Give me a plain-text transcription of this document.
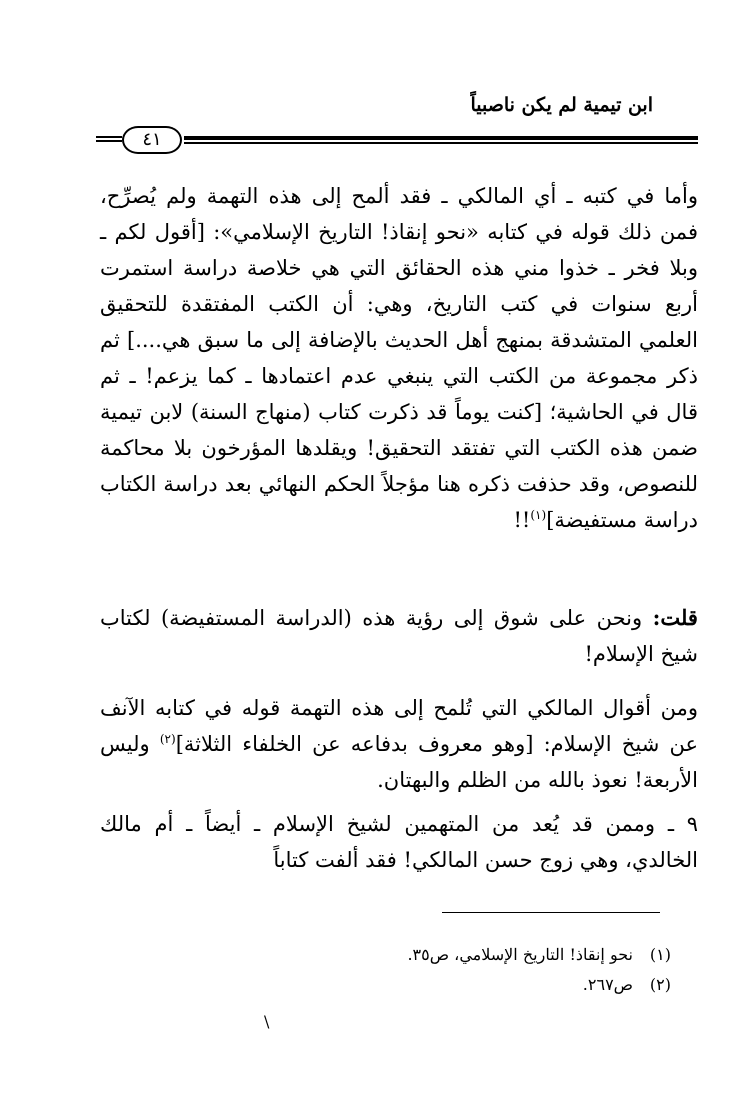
ابن تيمية لم يكن ناصبياً
٤١
وأما في كتبه ـ أي المالكي ـ فقد ألمح إلى هذه التهمة ولم يُصرِّح، فمن ذلك قوله في كتابه «نحو إنقاذ! التاريخ الإسلامي»: [أقول لكم ـ وبلا فخر ـ خذوا مني هذه الحقائق التي هي خلاصة دراسة استمرت أربع سنوات في كتب التاريخ، وهي: أن الكتب المفتقدة للتحقيق العلمي المتشدقة بمنهج أهل الحديث بالإضافة إلى ما سبق هي....] ثم ذكر مجموعة من الكتب التي ينبغي عدم اعتمادها ـ كما يزعم! ـ ثم قال في الحاشية؛ [كنت يوماً قد ذكرت كتاب (منهاج السنة) لابن تيمية ضمن هذه الكتب التي تفتقد التحقيق! ويقلدها المؤرخون بلا محاكمة للنصوص، وقد حذفت ذكره هنا مؤجلاً الحكم النهائي بعد دراسة الكتاب دراسة مستفيضة]$^{(١)}$!!
قلت: ونحن على شوق إلى رؤية هذه (الدراسة المستفيضة) لكتاب شيخ الإسلام!
ومن أقوال المالكي التي تُلمح إلى هذه التهمة قوله في كتابه الآنف عن شيخ الإسلام: [وهو معروف بدفاعه عن الخلفاء الثلاثة]$^{(٢)}$ وليس الأربعة! نعوذ بالله من الظلم والبهتان.
٩ ـ وممن قد يُعد من المتهمين لشيخ الإسلام ـ أيضاً ـ أم مالك الخالدي، وهي زوج حسن المالكي! فقد ألفت كتاباً
(١)نحو إنقاذ! التاريخ الإسلامي، ص٣٥.
(٢)ص٢٦٧.
\
